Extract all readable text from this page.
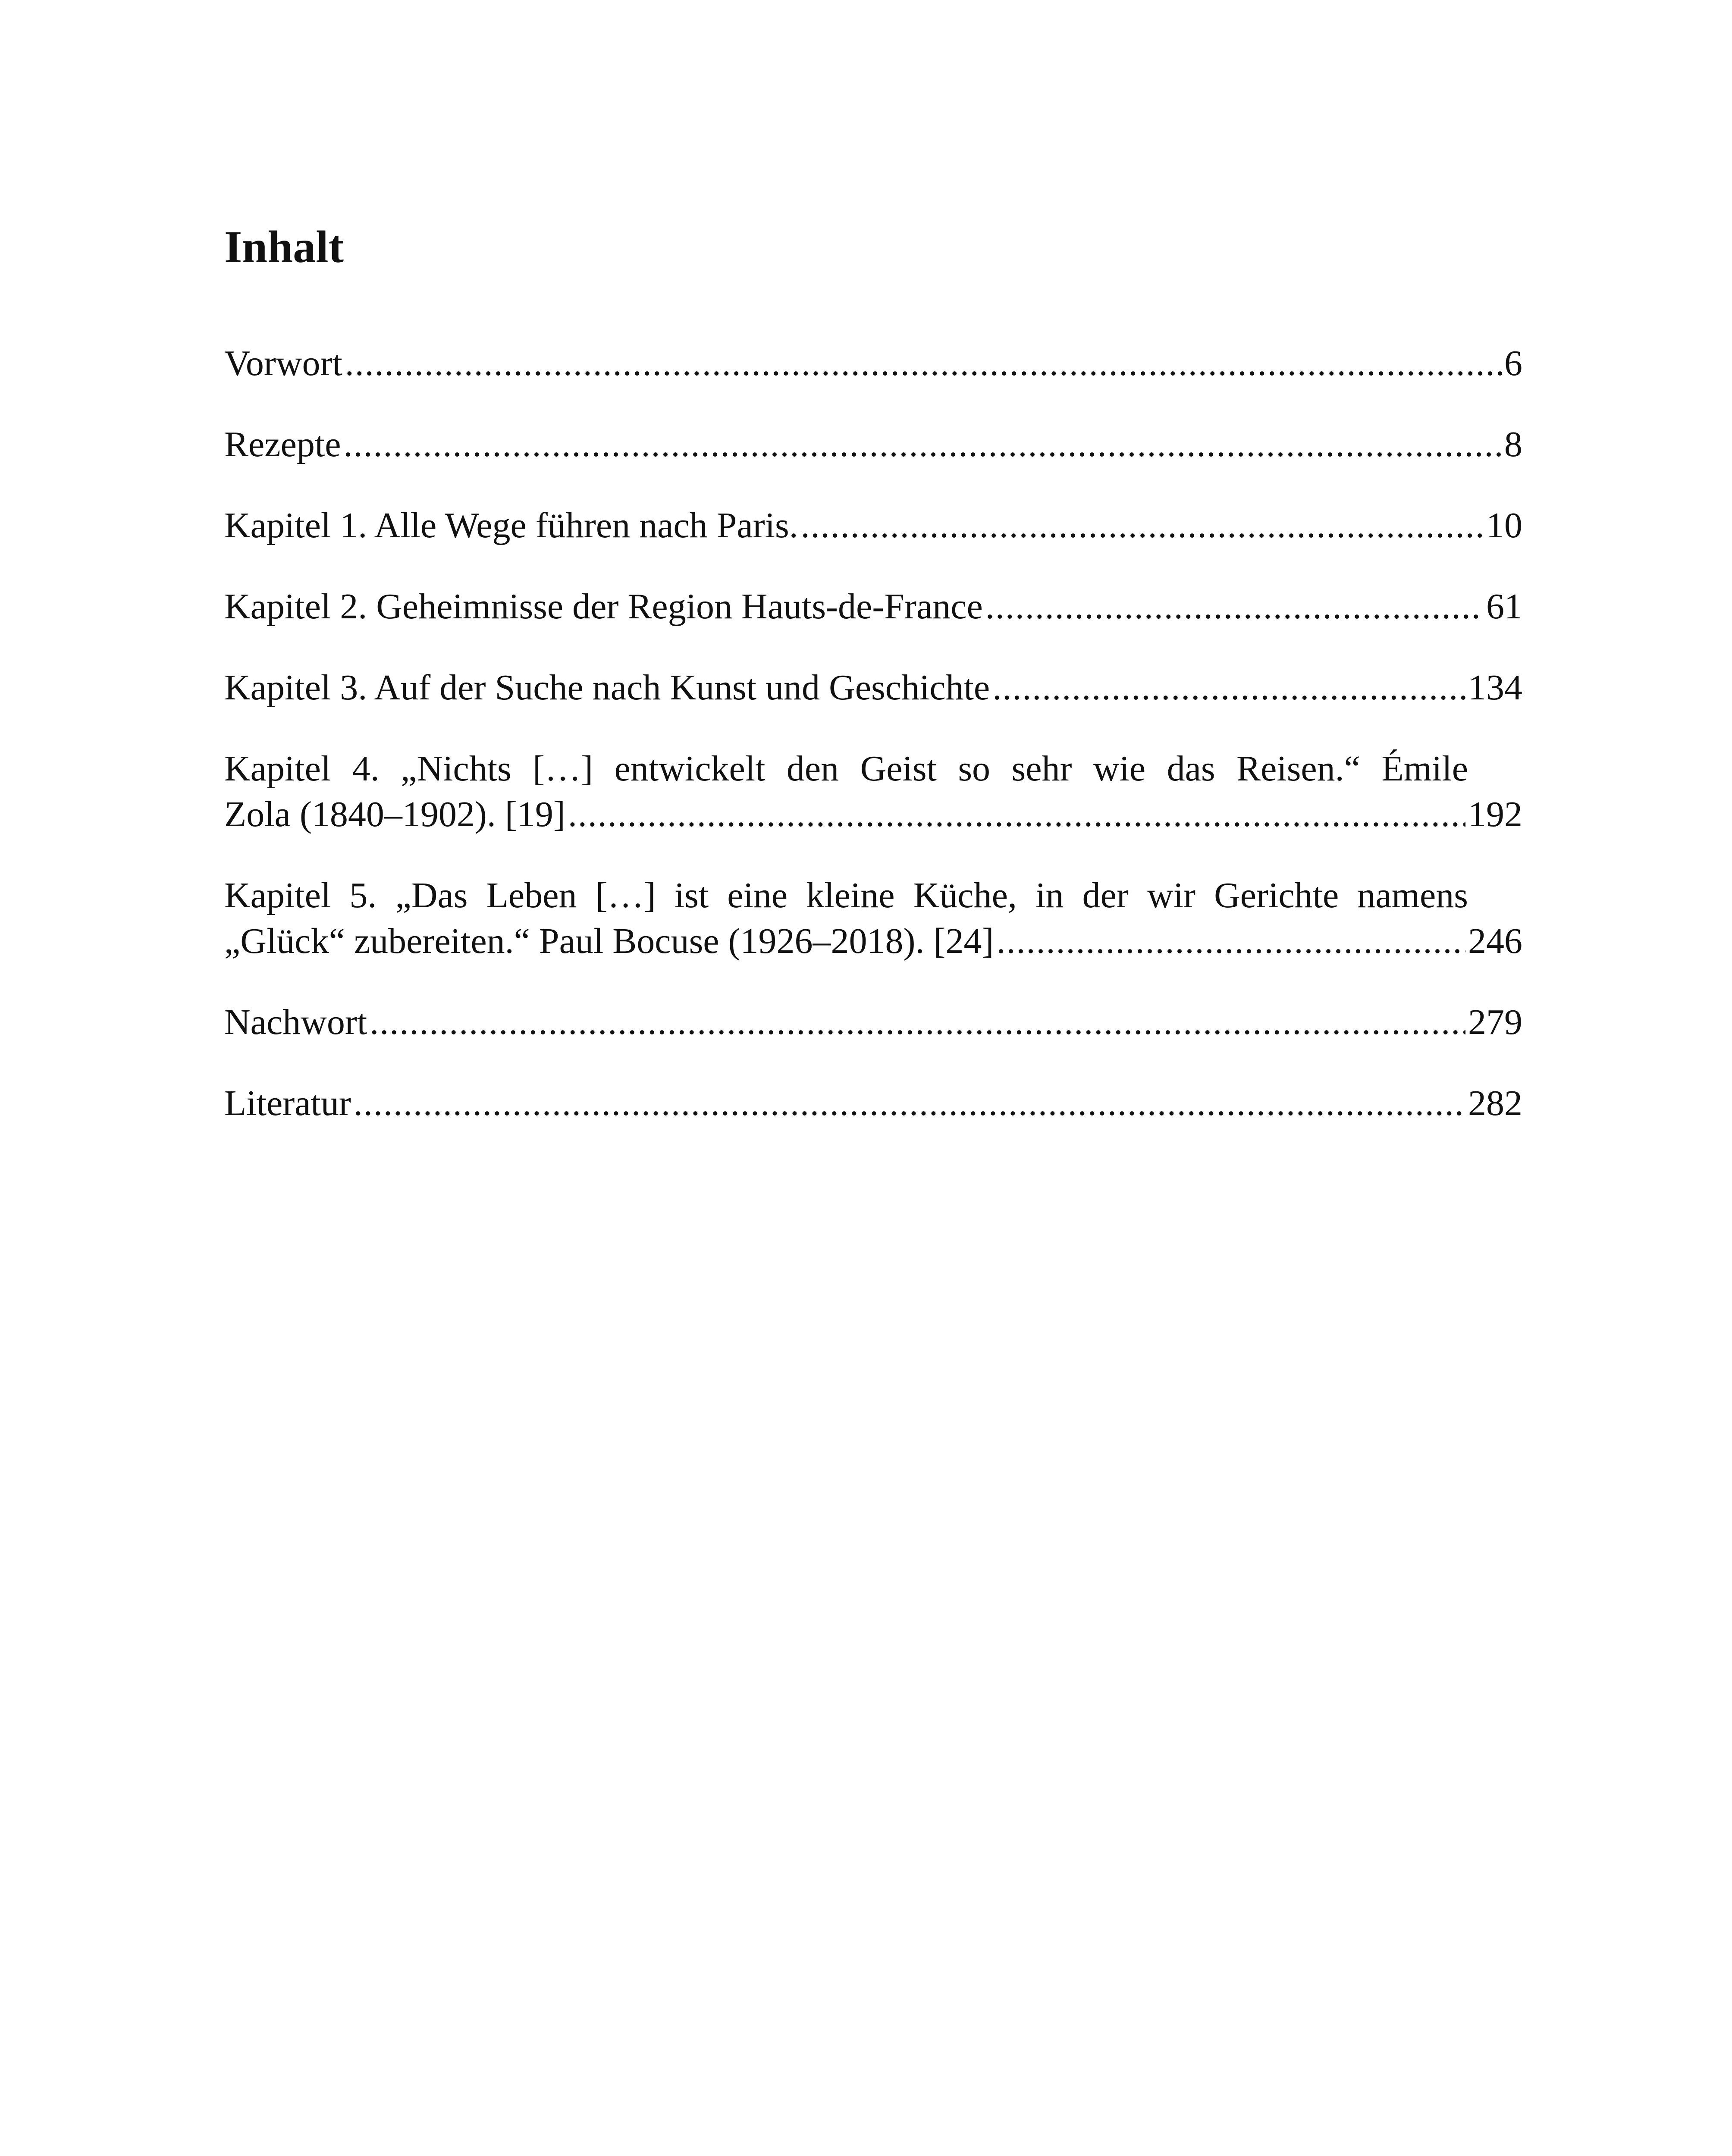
Inhalt
Vorwort .....	6
Rezepte .....	8
Kapitel 1. Alle Wege führen nach Paris. .....	10
Kapitel 2. Geheimnisse der Region Hauts-de-France .....	61
Kapitel 3. Auf der Suche nach Kunst und Geschichte .....	134
Kapitel 4. „Nichts […] entwickelt den Geist so sehr wie das Reisen.“ Émile
Zola (1840–1902). [19] .....	192
Kapitel 5. „Das Leben […] ist eine kleine Küche, in der wir Gerichte namens
„Glück“ zubereiten.“ Paul Bocuse (1926–2018). [24] .....	246
Nachwort .....	279
Literatur .....	282
